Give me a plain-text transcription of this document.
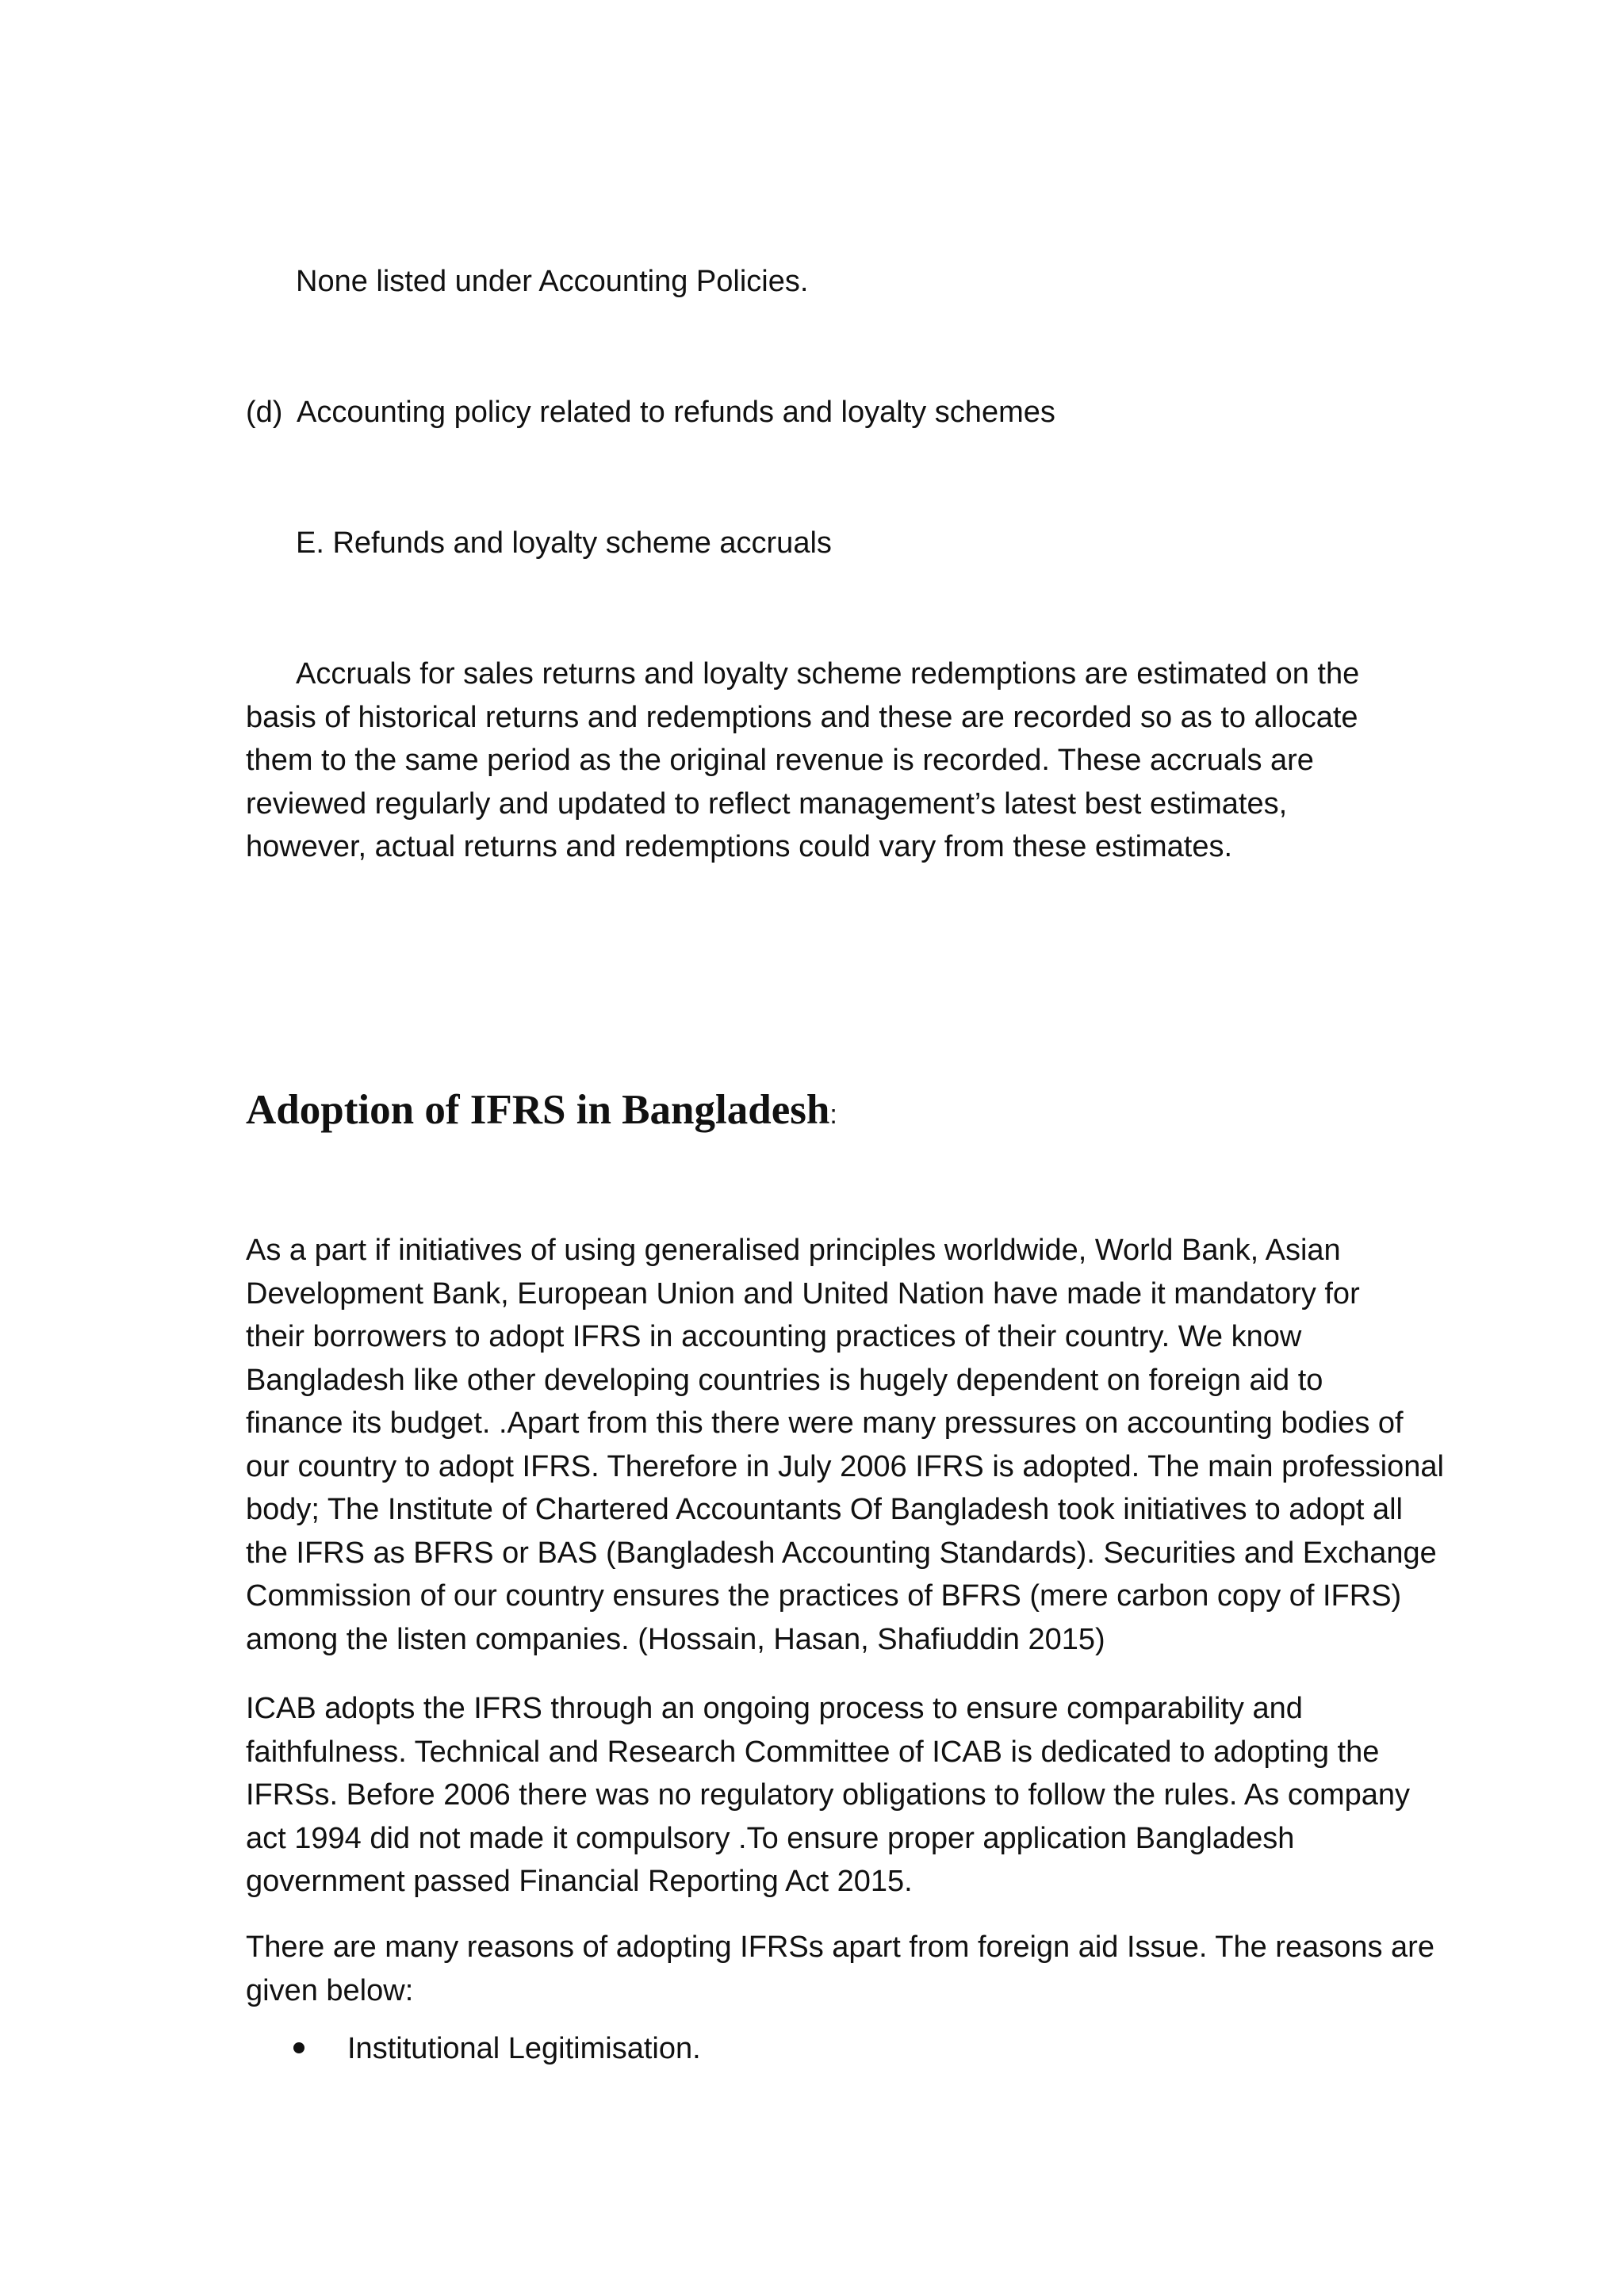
None listed under Accounting Policies.

(d) Accounting policy related to refunds and loyalty schemes

E. Refunds and loyalty scheme accruals

Accruals for sales returns and loyalty scheme redemptions are estimated on the
basis of historical returns and redemptions and these are recorded so as to allocate
them to the same period as the original revenue is recorded. These accruals are
reviewed regularly and updated to reflect management’s latest best estimates,
however, actual returns and redemptions could vary from these estimates.
Adoption of IFRS in Bangladesh:
As a part if initiatives of using generalised principles worldwide, World Bank, Asian
Development Bank, European Union and United Nation have made it mandatory for
their borrowers to adopt IFRS in accounting practices of their country. We know
Bangladesh like other developing countries is hugely dependent on foreign aid to
finance its budget. .Apart from this there were many pressures on accounting bodies of
our country to adopt IFRS. Therefore in July 2006 IFRS is adopted. The main professional
body; The Institute of Chartered Accountants Of Bangladesh took initiatives to adopt all
the IFRS as BFRS or BAS (Bangladesh Accounting Standards). Securities and Exchange
Commission of our country ensures the practices of BFRS (mere carbon copy of IFRS)
among the listen companies. (Hossain, Hasan, Shafiuddin 2015)
ICAB adopts the IFRS through an ongoing process to ensure comparability and
faithfulness. Technical and Research Committee of ICAB is dedicated to adopting the
IFRSs. Before 2006 there was no regulatory obligations to follow the rules. As company
act 1994 did not made it compulsory .To ensure proper application Bangladesh
government passed Financial Reporting Act 2015.
There are many reasons of adopting IFRSs apart from foreign aid Issue. The reasons are
given below:
Institutional Legitimisation.
